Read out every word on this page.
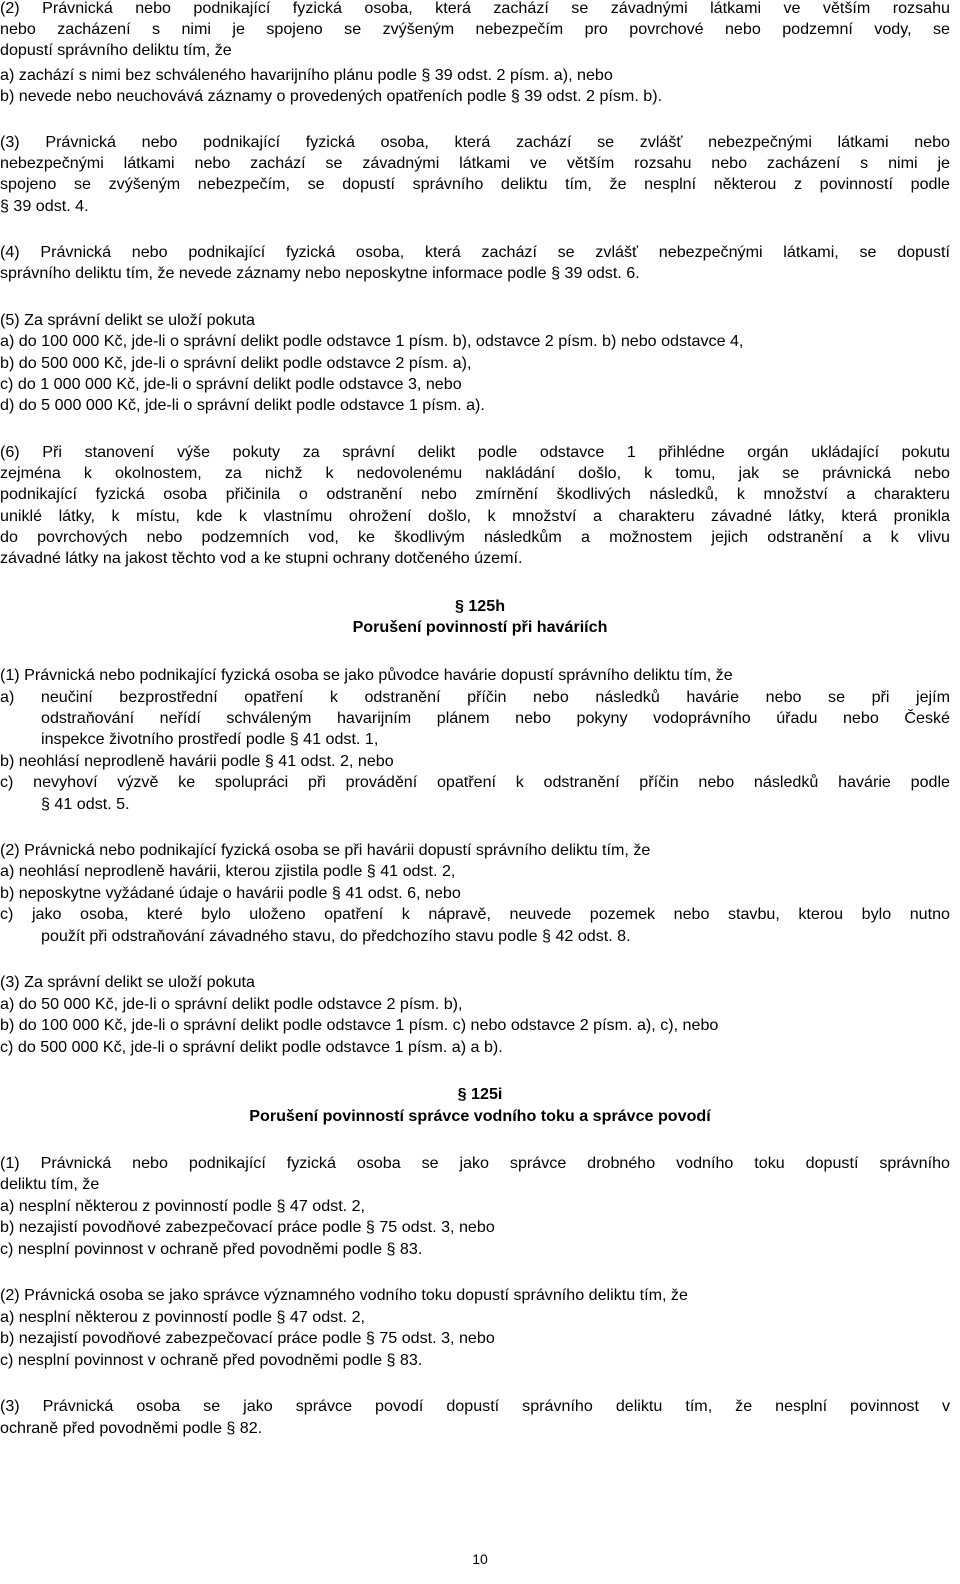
10

(2) Právnická nebo podnikající fyzická osoba, která zachází se závadnými látkami ve větším rozsahu

nebo zacházení s nimi je spojeno se zvýšeným nebezpečím pro povrchové nebo podzemní vody, se

dopustí správního deliktu tím, že

a) zachází s nimi bez schváleného havarijního plánu podle § 39 odst. 2 písm. a), nebo

b) nevede nebo neuchovává záznamy o provedených opatřeních podle § 39 odst. 2 písm. b).

(3) Právnická nebo podnikající fyzická osoba, která zachází se zvlášť nebezpečnými látkami nebo

nebezpečnými látkami nebo zachází se závadnými látkami ve větším rozsahu nebo zacházení s nimi je

spojeno se zvýšeným nebezpečím, se dopustí správního deliktu tím, že nesplní některou z povinností podle

§ 39 odst. 4.

(4) Právnická nebo podnikající fyzická osoba, která zachází se zvlášť nebezpečnými látkami, se dopustí

správního deliktu tím, že nevede záznamy nebo neposkytne informace podle § 39 odst. 6.

(5) Za správní delikt se uloží pokuta

a) do 100 000 Kč, jde-li o správní delikt podle odstavce 1 písm. b), odstavce 2 písm. b) nebo odstavce 4,

b) do 500 000 Kč, jde-li o správní delikt podle odstavce 2 písm. a),

c) do 1 000 000 Kč, jde-li o správní delikt podle odstavce 3, nebo

d) do 5 000 000 Kč, jde-li o správní delikt podle odstavce 1 písm. a).

(6) Při stanovení výše pokuty za správní delikt podle odstavce 1 přihlédne orgán ukládající pokutu

zejména k okolnostem, za nichž k nedovolenému nakládání došlo, k tomu, jak se právnická nebo

podnikající fyzická osoba přičinila o odstranění nebo zmírnění škodlivých následků, k množství a charakteru

uniklé látky, k místu, kde k vlastnímu ohrožení došlo, k množství a charakteru závadné látky, která pronikla

do povrchových nebo podzemních vod, ke škodlivým následkům a možnostem jejich odstranění a k vlivu

závadné látky na jakost těchto vod a ke stupni ochrany dotčeného území.

§ 125h

Porušení povinností při haváriích

(1) Právnická nebo podnikající fyzická osoba se jako původce havárie dopustí správního deliktu tím, že

a) neučiní bezprostřední opatření k odstranění příčin nebo následků havárie nebo se při jejím

odstraňování neřídí schváleným havarijním plánem nebo pokyny vodoprávního úřadu nebo České

inspekce životního prostředí podle § 41 odst. 1,

b) neohlásí neprodleně havárii podle § 41 odst. 2, nebo

c) nevyhoví výzvě ke spolupráci při provádění opatření k odstranění příčin nebo následků havárie podle

§ 41 odst. 5.

(2) Právnická nebo podnikající fyzická osoba se při havárii dopustí správního deliktu tím, že

a) neohlásí neprodleně havárii, kterou zjistila podle § 41 odst. 2,

b) neposkytne vyžádané údaje o havárii podle § 41 odst. 6, nebo

c) jako osoba, které bylo uloženo opatření k nápravě, neuvede pozemek nebo stavbu, kterou bylo nutno

použít při odstraňování závadného stavu, do předchozího stavu podle § 42 odst. 8.

(3) Za správní delikt se uloží pokuta

a) do 50 000 Kč, jde-li o správní delikt podle odstavce 2 písm. b),

b) do 100 000 Kč, jde-li o správní delikt podle odstavce 1 písm. c) nebo odstavce 2 písm. a), c), nebo

c) do 500 000 Kč, jde-li o správní delikt podle odstavce 1 písm. a) a b).

§ 125i

Porušení povinností správce vodního toku a správce povodí

(1) Právnická nebo podnikající fyzická osoba se jako správce drobného vodního toku dopustí správního

deliktu tím, že

a) nesplní některou z povinností podle § 47 odst. 2,

b) nezajistí povodňové zabezpečovací práce podle § 75 odst. 3, nebo

c) nesplní povinnost v ochraně před povodněmi podle § 83.

(2) Právnická osoba se jako správce významného vodního toku dopustí správního deliktu tím, že

a) nesplní některou z povinností podle § 47 odst. 2,

b) nezajistí povodňové zabezpečovací práce podle § 75 odst. 3, nebo

c) nesplní povinnost v ochraně před povodněmi podle § 83.

(3) Právnická osoba se jako správce povodí dopustí správního deliktu tím, že nesplní povinnost v

ochraně před povodněmi podle § 82.
